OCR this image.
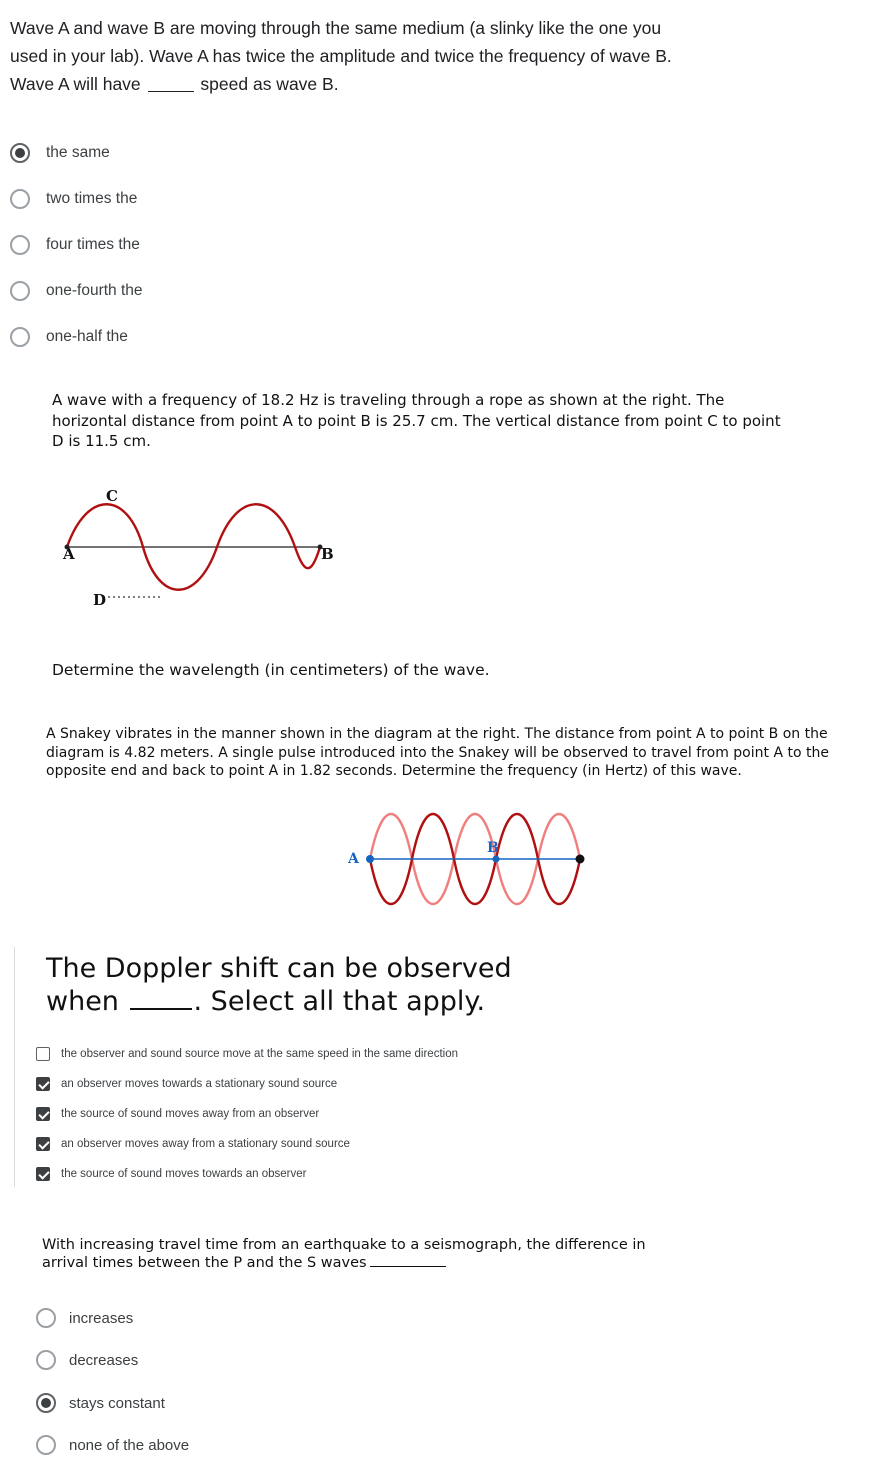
Wave A and wave B are moving through the same medium (a slinky like the one you used in your lab). Wave A has twice the amplitude and twice the frequency of wave B. Wave A will have	speed as wave B.
the same
two times the
four times the
one-fourth the
one-half the
A wave with a frequency of 18.2 Hz is traveling through a rope as shown at the right. The horizontal distance from point A to point B is 25.7 cm. The vertical distance from point C to point D is 11.5 cm.
A	B
C
D
Determine the wavelength (in centimeters) of the wave.
A Snakey vibrates in the manner shown in the diagram at the right. The distance from point A to point B on the diagram is 4.82 meters. A single pulse introduced into the Snakey will be observed to travel from point A to the opposite end and back to point A in 1.82 seconds. Determine the frequency (in Hertz) of this wave.
A
B
The Doppler shift can be observed when	. Select all that apply.
the observer and sound source move at the same speed in the same direction
an observer moves towards a stationary sound source
the source of sound moves away from an observer
an observer moves away from a stationary sound source
the source of sound moves towards an observer
With increasing travel time from an earthquake to a seismograph, the difference in arrival times between the P and the S waves
increases
decreases
stays constant
none of the above
